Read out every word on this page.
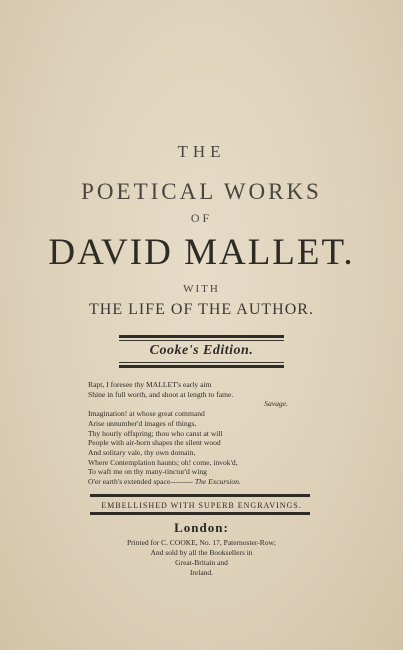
THE
POETICAL WORKS
OF
DAVID MALLET.
WITH
THE LIFE OF THE AUTHOR.
Cooke's Edition.
Rapt, I foresee thy MALLET's early aim
Shine in full worth, and shoot at length to fame.
Savage.
Imagination! at whose great command
Arise unnumber'd images of things,
Thy hourly offspring; thou who canst at will
People with air-born shapes the silent wood
And solitary vale, thy own domain,
Where Contemplation haunts; oh! come, invok'd,
To waft me on thy many-tinctur'd wing
O'er earth's extended space--------- The Excursion.
EMBELLISHED WITH SUPERB ENGRAVINGS.
London:
Printed for C. COOKE, No. 17, Paternoster-Row;
And sold by all the Booksellers in
Great-Britain and
Ireland.
